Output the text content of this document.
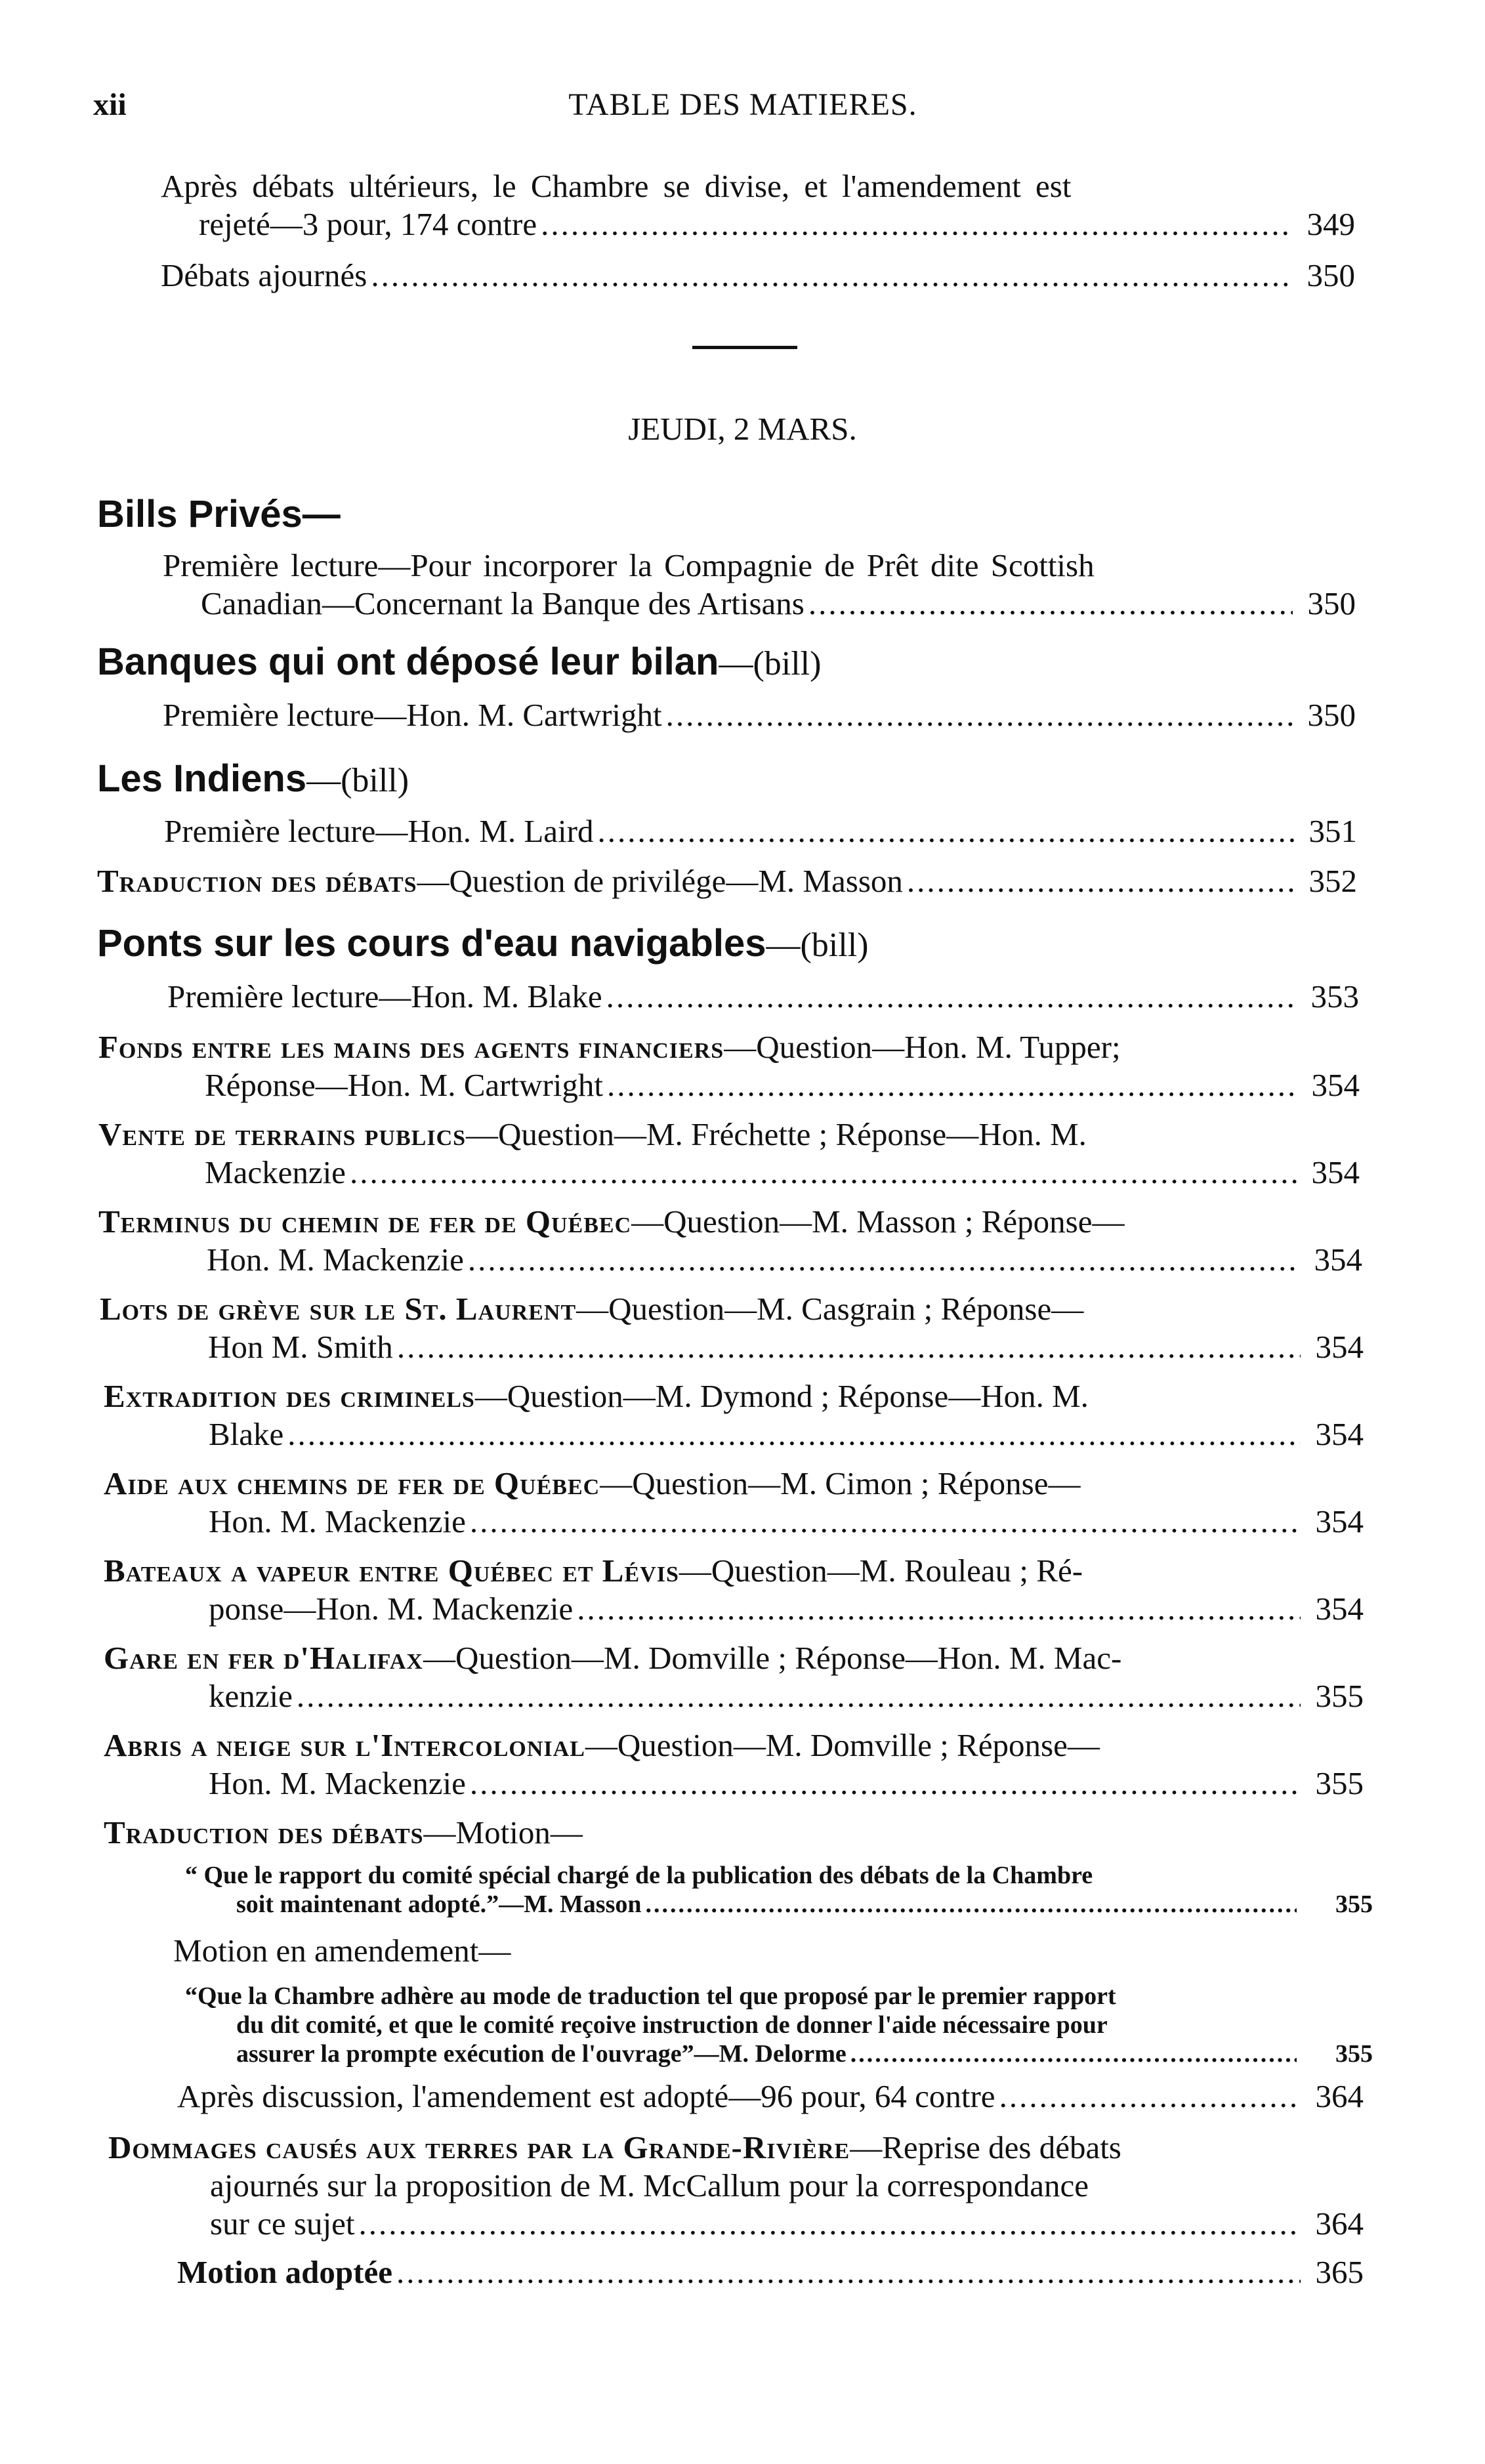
xii	TABLE DES MATIERES.
Après débats ultérieurs, le Chambre se divise, et l'amendement est
rejeté—3 pour, 174 contre .....	349
Débats ajournés .....	350
JEUDI, 2 MARS.
Bills Privés—
Première lecture—Pour incorporer la Compagnie de Prêt dite Scottish
Canadian—Concernant la Banque des Artisans .....	350
Banques qui ont déposé leur bilan—(bill)
Première lecture—Hon. M. Cartwright .....	350
Les Indiens—(bill)
Première lecture—Hon. M. Laird .....	351
Traduction des débats—Question de privilége—M. Masson .....	352
Ponts sur les cours d'eau navigables—(bill)
Première lecture—Hon. M. Blake .....	353
Fonds entre les mains des agents financiers—Question—Hon. M. Tupper;
Réponse—Hon. M. Cartwright .....	354
Vente de terrains publics—Question—M. Fréchette ; Réponse—Hon. M.
Mackenzie .....	354
Terminus du chemin de fer de Québec—Question—M. Masson ; Réponse—
Hon. M. Mackenzie .....	354
Lots de grève sur le St. Laurent—Question—M. Casgrain ; Réponse—
Hon M. Smith .....	354
Extradition des criminels—Question—M. Dymond ; Réponse—Hon. M.
Blake .....	354
Aide aux chemins de fer de Québec—Question—M. Cimon ; Réponse—
Hon. M. Mackenzie .....	354
Bateaux a vapeur entre Québec et Lévis—Question—M. Rouleau ; Ré-
ponse—Hon. M. Mackenzie .....	354
Gare en fer d'Halifax—Question—M. Domville ; Réponse—Hon. M. Mac-
kenzie .....	355
Abris a neige sur l'Intercolonial—Question—M. Domville ; Réponse—
Hon. M. Mackenzie .....	355
Traduction des débats—Motion—
“ Que le rapport du comité spécial chargé de la publication des débats de la Chambre
soit maintenant adopté.”—M. Masson .....	355
Motion en amendement—
“Que la Chambre adhère au mode de traduction tel que proposé par le premier rapport
du dit comité, et que le comité reçoive instruction de donner l'aide nécessaire pour
assurer la prompte exécution de l'ouvrage”—M. Delorme .....	355
Après discussion, l'amendement est adopté—96 pour, 64 contre .....	364
Dommages causés aux terres par la Grande-Rivière—Reprise des débats
ajournés sur la proposition de M. McCallum pour la correspondance
sur ce sujet .....	364
Motion adoptée .....	365
